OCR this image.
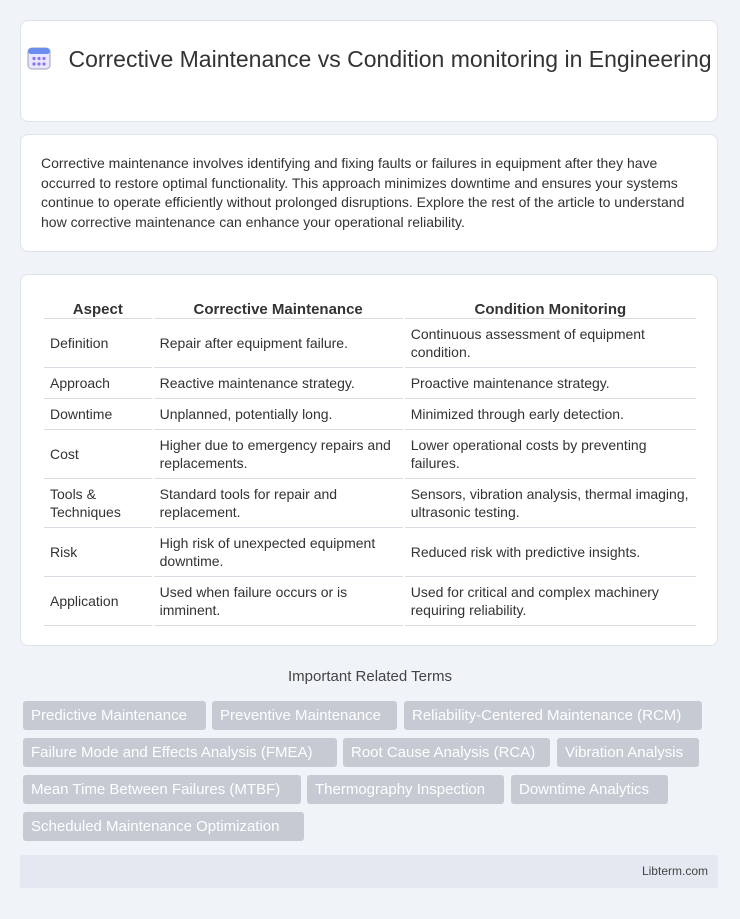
Corrective Maintenance vs Condition monitoring in Engineering
Corrective maintenance involves identifying and fixing faults or failures in equipment after they have occurred to restore optimal functionality. This approach minimizes downtime and ensures your systems continue to operate efficiently without prolonged disruptions. Explore the rest of the article to understand how corrective maintenance can enhance your operational reliability.
Aspect	Corrective Maintenance	Condition Monitoring
Definition	Repair after equipment failure.	Continuous assessment of equipment condition.
Approach	Reactive maintenance strategy.	Proactive maintenance strategy.
Downtime	Unplanned, potentially long.	Minimized through early detection.
Cost	Higher due to emergency repairs and replacements.	Lower operational costs by preventing failures.
Tools & Techniques	Standard tools for repair and replacement.	Sensors, vibration analysis, thermal imaging, ultrasonic testing.
Risk	High risk of unexpected equipment downtime.	Reduced risk with predictive insights.
Application	Used when failure occurs or is imminent.	Used for critical and complex machinery requiring reliability.
Important Related Terms
Predictive Maintenance	Preventive Maintenance	Reliability-Centered Maintenance (RCM)
Failure Mode and Effects Analysis (FMEA)	Root Cause Analysis (RCA)	Vibration Analysis
Mean Time Between Failures (MTBF)	Thermography Inspection	Downtime Analytics
Scheduled Maintenance Optimization
Libterm.com
